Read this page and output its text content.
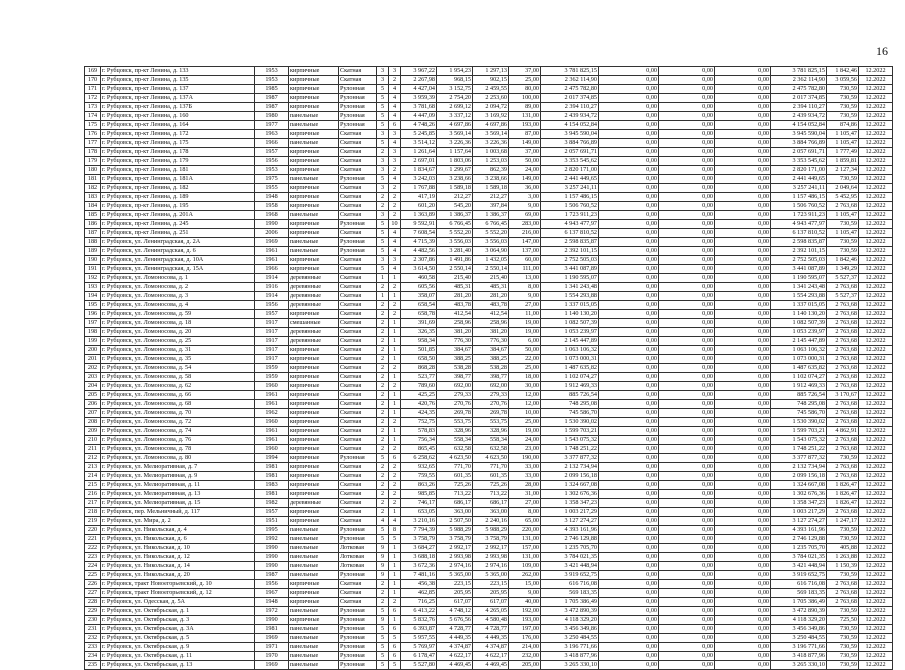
16
169	г. Рубцовск, пр-кт Ленина, д. 133	1953	кирпичные	Скатная	3	3	3 967,22	1 954,23	1 297,13	37,00	3 781 825,15	0,00	0,00	0,00	3 781 825,15	1 842,46	12.2022
170	г. Рубцовск, пр-кт Ленина, д. 135	1953	кирпичные	Скатная	3	2	2 267,98	968,15	902,15	25,00	2 362 114,90	0,00	0,00	0,00	2 362 114,90	3 059,56	12.2022
171	г. Рубцовск, пр-кт Ленина, д. 137	1985	кирпичные	Рулонная	5	4	4 427,04	3 152,75	2 459,55	80,00	2 475 782,80	0,00	0,00	0,00	2 475 782,80	730,59	12.2022
172	г. Рубцовск, пр-кт Ленина, д. 137А	1987	кирпичные	Рулонная	5	4	3 959,39	2 754,20	2 253,60	100,00	2 017 374,85	0,00	0,00	0,00	2 017 374,85	730,59	12.2022
173	г. Рубцовск, пр-кт Ленина, д. 137Б	1987	кирпичные	Рулонная	5	4	3 781,68	2 699,12	2 094,72	89,00	2 394 110,27	0,00	0,00	0,00	2 394 110,27	730,59	12.2022
174	г. Рубцовск, пр-кт Ленина, д. 160	1980	панельные	Рулонная	5	4	4 447,09	3 337,12	3 169,92	131,00	2 439 934,72	0,00	0,00	0,00	2 439 934,72	730,59	12.2022
175	г. Рубцовск, пр-кт Ленина, д. 164	1977	панельные	Рулонная	5	6	4 748,26	4 697,86	4 697,86	193,00	4 154 052,84	0,00	0,00	0,00	4 154 052,84	874,86	12.2022
176	г. Рубцовск, пр-кт Ленина, д. 172	1963	кирпичные	Скатная	3	3	5 245,85	3 569,14	3 569,14	87,00	3 945 590,04	0,00	0,00	0,00	3 945 590,04	1 105,47	12.2022
177	г. Рубцовск, пр-кт Ленина, д. 175	1966	панельные	Скатная	5	4	3 514,12	3 226,36	3 226,36	149,00	3 884 766,89	0,00	0,00	0,00	3 884 766,89	1 105,47	12.2022
178	г. Рубцовск, пр-кт Ленина, д. 178	1957	кирпичные	Скатная	2	3	1 261,64	1 157,64	1 003,68	37,00	2 057 691,71	0,00	0,00	0,00	2 057 691,71	1 777,49	12.2022
179	г. Рубцовск, пр-кт Ленина, д. 179	1956	кирпичные	Скатная	3	3	2 697,01	1 803,06	1 253,03	50,00	3 353 545,62	0,00	0,00	0,00	3 353 545,62	1 859,81	12.2022
180	г. Рубцовск, пр-кт Ленина, д. 181	1953	кирпичные	Скатная	3	2	1 834,67	1 299,67	862,39	24,00	2 820 171,00	0,00	0,00	0,00	2 820 171,00	2 127,34	12.2022
181	г. Рубцовск, пр-кт Ленина, д. 181А	1975	панельные	Рулонная	5	4	3 242,03	3 238,66	3 238,66	149,00	2 441 449,65	0,00	0,00	0,00	2 441 449,65	730,59	12.2022
182	г. Рубцовск, пр-кт Ленина, д. 182	1955	кирпичные	Скатная	3	2	1 767,88	1 589,18	1 589,18	36,00	3 257 241,11	0,00	0,00	0,00	3 257 241,11	2 049,64	12.2022
183	г. Рубцовск, пр-кт Ленина, д. 189	1948	кирпичные	Скатная	2	2	417,19	212,27	212,27	3,00	1 157 486,15	0,00	0,00	0,00	1 157 486,15	5 452,95	12.2022
184	г. Рубцовск, пр-кт Ленина, д. 195	1958	кирпичные	Скатная	2	2	601,20	545,20	397,84	9,00	1 506 760,52	0,00	0,00	0,00	1 506 760,52	2 763,68	12.2022
185	г. Рубцовск, пр-кт Ленина, д. 201А	1968	панельные	Скатная	3	2	1 363,89	1 386,37	1 386,37	69,00	1 723 911,23	0,00	0,00	0,00	1 723 911,23	1 105,47	12.2022
186	г. Рубцовск, пр-кт Ленина, д. 245	1990	кирпичные	Рулонная	5	10	9 592,91	6 766,45	6 766,45	283,00	4 943 477,97	0,00	0,00	0,00	4 943 477,97	730,59	12.2022
187	г. Рубцовск, пр-кт Ленина, д. 251	2006	кирпичные	Скатная	5	4	7 608,54	5 552,20	5 552,20	216,00	6 137 810,52	0,00	0,00	0,00	6 137 810,52	1 105,47	12.2022
188	г. Рубцовск, ул. Ленинградская, д. 2А	1969	панельные	Рулонная	5	4	4 715,39	3 556,03	3 556,03	147,00	2 598 835,87	0,00	0,00	0,00	2 598 835,87	730,59	12.2022
189	г. Рубцовск, ул. Ленинградская, д. 6	1961	панельные	Рулонная	5	4	4 482,56	3 281,40	3 064,90	137,00	2 392 101,15	0,00	0,00	0,00	2 392 101,15	730,59	12.2022
190	г. Рубцовск, ул. Ленинградская, д. 10А	1961	кирпичные	Скатная	3	3	2 307,86	1 491,86	1 432,05	60,00	2 752 505,03	0,00	0,00	0,00	2 752 505,03	1 842,46	12.2022
191	г. Рубцовск, ул. Ленинградская, д. 15А	1966	кирпичные	Скатная	5	4	3 614,50	2 550,14	2 550,14	111,00	3 441 087,89	0,00	0,00	0,00	3 441 087,89	1 349,29	12.2022
192	г. Рубцовск, ул. Ломоносова, д. 1	1914	деревянные	Скатная	1	1	460,58	215,40	215,40	13,00	1 190 595,07	0,00	0,00	0,00	1 190 595,07	5 527,37	12.2022
193	г. Рубцовск, ул. Ломоносова, д. 2	1916	деревянные	Скатная	2	2	605,56	485,31	485,31	8,00	1 341 243,48	0,00	0,00	0,00	1 341 243,48	2 763,68	12.2022
194	г. Рубцовск, ул. Ломоносова, д. 3	1914	деревянные	Скатная	1	1	358,07	281,20	281,20	9,00	1 554 293,88	0,00	0,00	0,00	1 554 293,88	5 527,37	12.2022
195	г. Рубцовск, ул. Ломоносова, д. 4	1956	деревянные	Скатная	2	2	658,54	483,78	483,78	27,00	1 337 015,05	0,00	0,00	0,00	1 337 015,05	2 763,68	12.2022
196	г. Рубцовск, ул. Ломоносова, д. 59	1957	кирпичные	Скатная	2	2	658,78	412,54	412,54	11,00	1 140 130,20	0,00	0,00	0,00	1 140 130,20	2 763,68	12.2022
197	г. Рубцовск, ул. Ломоносова, д. 18	1917	смешанные	Скатная	2	1	391,69	258,96	258,96	19,00	1 082 507,39	0,00	0,00	0,00	1 082 507,39	2 763,68	12.2022
198	г. Рубцовск, ул. Ломоносова, д. 20	1917	деревянные	Скатная	2	1	326,35	381,20	381,20	19,00	1 053 239,97	0,00	0,00	0,00	1 053 239,97	2 763,68	12.2022
199	г. Рубцовск, ул. Ломоносова, д. 25	1917	деревянные	Скатная	2	1	958,34	776,30	776,30	6,00	2 145 447,89	0,00	0,00	0,00	2 145 447,89	2 763,68	12.2022
200	г. Рубцовск, ул. Ломоносова, д. 31	1917	кирпичные	Скатная	2	1	501,85	384,67	384,67	50,00	1 063 106,32	0,00	0,00	0,00	1 063 106,32	2 763,68	12.2022
201	г. Рубцовск, ул. Ломоносова, д. 35	1917	кирпичные	Скатная	2	1	658,50	388,25	388,25	22,00	1 073 000,31	0,00	0,00	0,00	1 073 000,31	2 763,68	12.2022
202	г. Рубцовск, ул. Ломоносова, д. 54	1959	кирпичные	Скатная	2	2	868,28	538,28	538,28	25,00	1 487 635,82	0,00	0,00	0,00	1 487 635,82	2 763,68	12.2022
203	г. Рубцовск, ул. Ломоносова, д. 58	1959	кирпичные	Скатная	2	1	523,77	398,77	398,77	18,00	1 102 074,27	0,00	0,00	0,00	1 102 074,27	2 763,68	12.2022
204	г. Рубцовск, ул. Ломоносова, д. 62	1960	кирпичные	Скатная	2	2	789,60	692,00	692,00	30,00	1 912 469,33	0,00	0,00	0,00	1 912 469,33	2 763,68	12.2022
205	г. Рубцовск, ул. Ломоносова, д. 66	1961	кирпичные	Скатная	2	1	425,25	279,33	279,33	12,00	885 726,54	0,00	0,00	0,00	885 726,54	3 170,67	12.2022
206	г. Рубцовск, ул. Ломоносова, д. 68	1961	кирпичные	Скатная	2	1	420,76	270,76	270,76	12,00	748 295,08	0,00	0,00	0,00	748 295,08	2 763,68	12.2022
207	г. Рубцовск, ул. Ломоносова, д. 70	1962	кирпичные	Скатная	2	1	424,35	269,78	269,78	10,00	745 586,70	0,00	0,00	0,00	745 586,70	2 763,68	12.2022
208	г. Рубцовск, ул. Ломоносова, д. 72	1960	кирпичные	Скатная	2	2	752,75	553,75	553,75	25,00	1 530 390,02	0,00	0,00	0,00	1 530 390,02	2 763,68	12.2022
209	г. Рубцовск, ул. Ломоносова, д. 74	1961	кирпичные	Скатная	2	1	578,83	328,96	328,96	19,00	1 599 703,21	0,00	0,00	0,00	1 599 703,21	4 862,91	12.2022
210	г. Рубцовск, ул. Ломоносова, д. 76	1961	кирпичные	Скатная	2	1	756,34	558,34	558,34	24,00	1 543 075,32	0,00	0,00	0,00	1 543 075,32	2 763,68	12.2022
211	г. Рубцовск, ул. Ломоносова, д. 78	1960	кирпичные	Скатная	2	2	865,45	632,58	632,58	23,00	1 748 251,22	0,00	0,00	0,00	1 748 251,22	2 763,68	12.2022
212	г. Рубцовск, ул. Ломоносова, д. 80	1994	кирпичные	Рулонная	5	6	6 258,62	4 623,50	4 623,50	190,00	3 377 877,32	0,00	0,00	0,00	3 377 877,32	730,59	12.2022
213	г. Рубцовск, ул. Мелиоративная, д. 7	1981	кирпичные	Скатная	2	2	932,65	771,70	771,70	33,00	2 132 734,94	0,00	0,00	0,00	2 132 734,94	2 763,68	12.2022
214	г. Рубцовск, ул. Мелиоративная, д. 9	1981	кирпичные	Скатная	2	2	759,55	601,35	601,35	33,00	2 099 156,18	0,00	0,00	0,00	2 099 156,18	2 763,68	12.2022
215	г. Рубцовск, ул. Мелиоративная, д. 11	1983	кирпичные	Скатная	2	2	863,26	725,26	725,26	28,00	1 324 667,08	0,00	0,00	0,00	1 324 667,08	1 826,47	12.2022
216	г. Рубцовск, ул. Мелиоративная, д. 13	1981	кирпичные	Скатная	2	2	985,85	713,22	713,22	31,00	1 302 676,36	0,00	0,00	0,00	1 302 676,36	1 826,47	12.2022
217	г. Рубцовск, ул. Мелиоративная, д. 15	1982	деревянные	Скатная	2	2	746,17	686,17	686,17	27,00	1 358 347,23	0,00	0,00	0,00	1 358 347,23	1 826,47	12.2022
218	г. Рубцовск, пер. Мельничный, д. 117	1957	кирпичные	Скатная	2	1	653,05	363,00	363,00	8,00	1 003 217,29	0,00	0,00	0,00	1 003 217,29	2 763,68	12.2022
219	г. Рубцовск, ул. Мира, д. 2	1951	кирпичные	Скатная	4	4	3 210,16	2 507,50	2 240,16	65,00	3 127 274,27	0,00	0,00	0,00	3 127 274,27	1 247,17	12.2022
220	г. Рубцовск, ул. Никольская, д. 4	1995	панельные	Рулонная	5	8	7 794,39	5 988,29	5 988,29	220,00	4 393 161,96	0,00	0,00	0,00	4 393 161,96	730,59	12.2022
221	г. Рубцовск, ул. Никольская, д. 6	1992	панельные	Рулонная	5	5	3 758,79	3 758,79	3 758,79	131,00	2 746 129,88	0,00	0,00	0,00	2 746 129,88	730,59	12.2022
222	г. Рубцовск, ул. Никольская, д. 10	1990	панельные	Лотковая	9	1	3 684,27	2 992,17	2 992,17	157,00	1 235 705,70	0,00	0,00	0,00	1 235 705,70	405,88	12.2022
223	г. Рубцовск, ул. Никольская, д. 12	1990	панельные	Лотковая	9	1	3 688,18	2 993,98	2 993,98	131,00	3 784 021,35	0,00	0,00	0,00	3 784 021,35	1 263,88	12.2022
224	г. Рубцовск, ул. Никольская, д. 14	1990	панельные	Лотковая	9	1	3 672,36	2 974,16	2 974,16	109,00	3 421 448,94	0,00	0,00	0,00	3 421 448,94	1 150,39	12.2022
225	г. Рубцовск, ул. Никольская, д. 20	1987	панельные	Рулонная	9	1	7 481,16	5 365,00	5 365,00	262,00	3 919 652,75	0,00	0,00	0,00	3 919 652,75	730,59	12.2022
226	г. Рубцовск, тракт Новоегорьевский, д. 10	1956	кирпичные	Скатная	2	1	456,38	223,15	223,15	15,00	616 716,08	0,00	0,00	0,00	616 716,08	2 763,68	12.2022
227	г. Рубцовск, тракт Новоегорьевский, д. 12	1967	кирпичные	Скатная	2	1	462,85	205,95	205,95	9,00	569 183,35	0,00	0,00	0,00	569 183,35	2 763,68	12.2022
228	г. Рубцовск, ул. Одесская, д. 5А	1948	кирпичные	Скатная	2	2	716,25	617,07	617,07	40,00	1 705 386,49	0,00	0,00	0,00	1 705 386,49	2 763,68	12.2022
229	г. Рубцовск, ул. Октябрьская, д. 1	1972	панельные	Рулонная	5	6	6 413,22	4 748,12	4 265,05	192,00	3 472 890,39	0,00	0,00	0,00	3 472 890,39	730,59	12.2022
230	г. Рубцовск, ул. Октябрьская, д. 3	1990	кирпичные	Рулонная	9	1	5 832,76	5 676,56	4 580,48	193,00	4 118 329,20	0,00	0,00	0,00	4 118 329,20	725,50	12.2022
231	г. Рубцовск, ул. Октябрьская, д. 3А	1981	панельные	Рулонная	5	6	6 393,87	4 728,77	4 728,77	197,00	3 456 349,86	0,00	0,00	0,00	3 456 349,86	730,59	12.2022
232	г. Рубцовск, ул. Октябрьская, д. 5	1969	панельные	Рулонная	5	5	5 957,55	4 449,35	4 449,35	176,00	3 250 484,55	0,00	0,00	0,00	3 250 484,55	730,59	12.2022
233	г. Рубцовск, ул. Октябрьская, д. 9	1971	панельные	Рулонная	5	6	5 769,97	4 374,87	4 374,87	214,00	3 196 771,66	0,00	0,00	0,00	3 196 771,66	730,59	12.2022
234	г. Рубцовск, ул. Октябрьская, д. 11	1970	панельные	Рулонная	5	6	6 178,47	4 622,17	4 622,17	232,00	3 418 877,96	0,00	0,00	0,00	3 418 877,96	730,59	12.2022
235	г. Рубцовск, ул. Октябрьская, д. 13	1969	панельные	Рулонная	5	5	5 527,80	4 469,45	4 469,45	205,00	3 265 330,10	0,00	0,00	0,00	3 265 330,10	730,59	12.2022
